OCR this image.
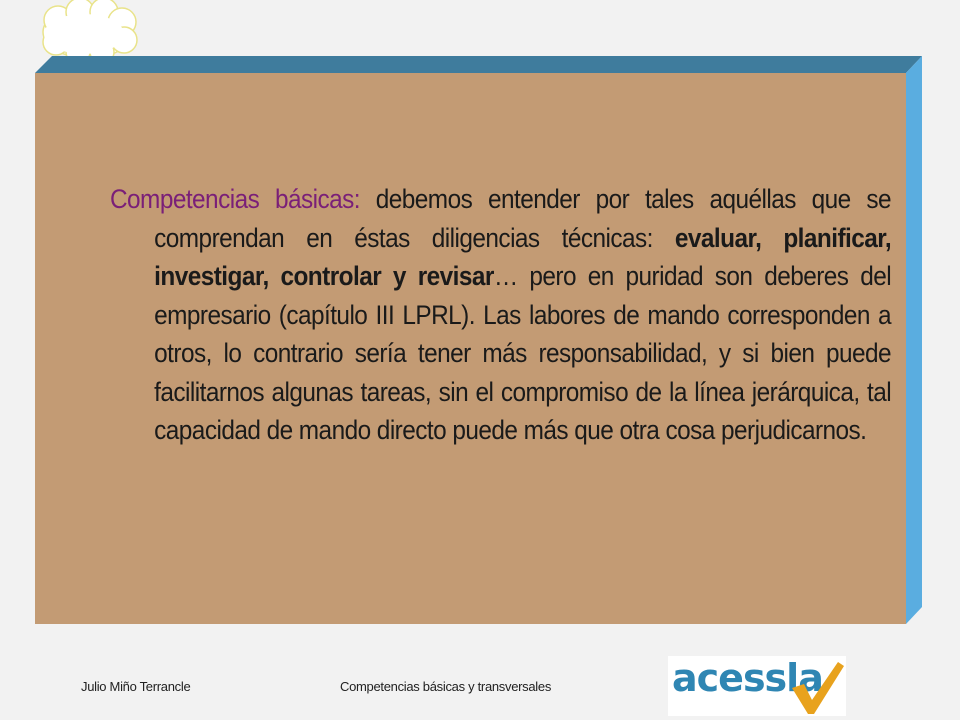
Competencias básicas: debemos entender por tales aquéllas que se comprendan en éstas diligencias técnicas: evaluar, planificar, investigar, controlar y revisar… pero en puridad son deberes del empresario (capítulo III LPRL). Las labores de mando corresponden a otros, lo contrario sería tener más responsabilidad, y si bien puede facilitarnos algunas tareas, sin el compromiso de la línea jerárquica, tal capacidad de mando directo puede más que otra cosa perjudicarnos.
Julio Miño Terrancle	Competencias básicas y transversales	acessla
